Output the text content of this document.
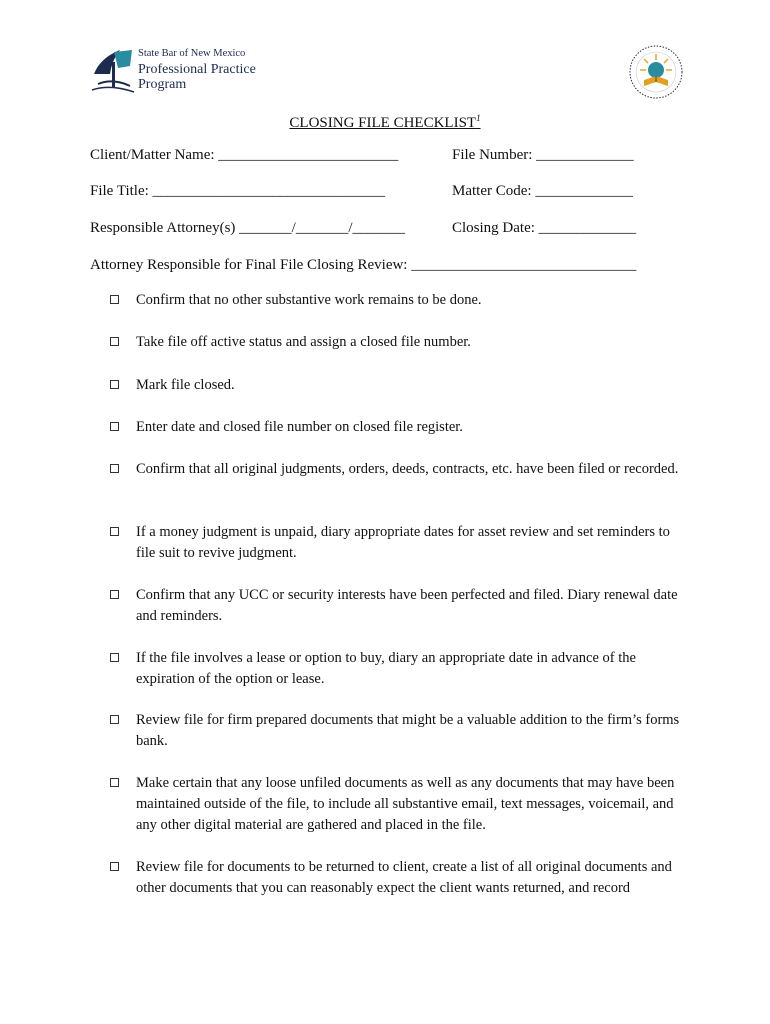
State Bar of New Mexico
Professional Practice
Program
CLOSING FILE CHECKLIST$^1$
Client/Matter Name: ________________________	File Number: _____________
File Title: _______________________________	Matter Code: _____________
Responsible Attorney(s) _______/_______/_______	Closing Date: _____________
Attorney Responsible for Final File Closing Review: ______________________________
Confirm that no other substantive work remains to be done.
Take file off active status and assign a closed file number.
Mark file closed.
Enter date and closed file number on closed file register.
Confirm that all original judgments, orders, deeds, contracts, etc. have been filed or recorded.
If a money judgment is unpaid, diary appropriate dates for asset review and set reminders to file suit to revive judgment.
Confirm that any UCC or security interests have been perfected and filed. Diary renewal date and reminders.
If the file involves a lease or option to buy, diary an appropriate date in advance of the expiration of the option or lease.
Review file for firm prepared documents that might be a valuable addition to the firm’s forms bank.
Make certain that any loose unfiled documents as well as any documents that may have been maintained outside of the file, to include all substantive email, text messages, voicemail, and any other digital material are gathered and placed in the file.
Review file for documents to be returned to client, create a list of all original documents and other documents that you can reasonably expect the client wants returned, and record
